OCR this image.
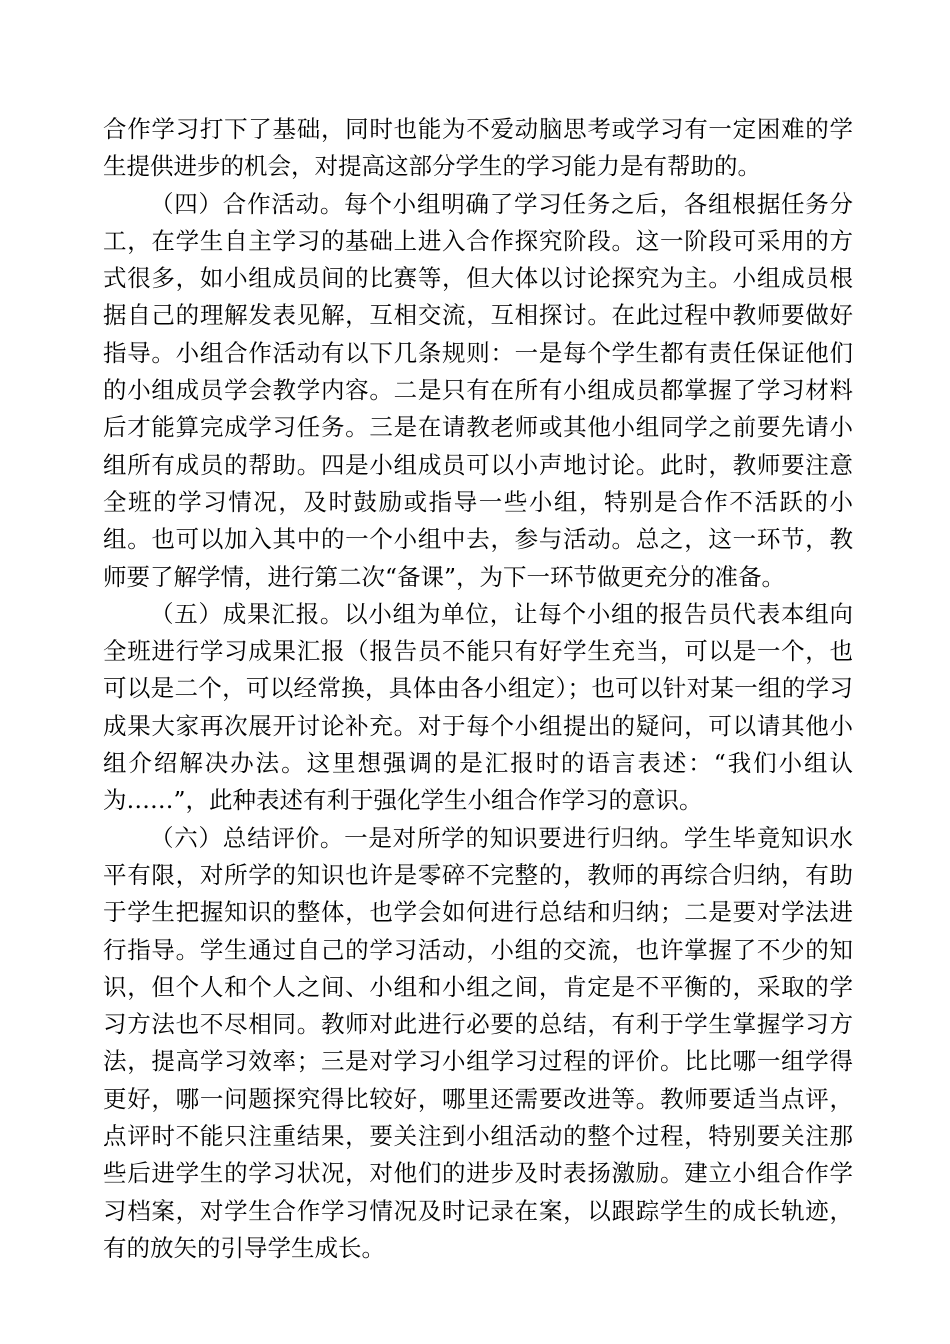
合作学习打下了基础，同时也能为不爱动脑思考或学习有一定困难的学生提供进步的机会，对提高这部分学生的学习能力是有帮助的。

（四）合作活动。每个小组明确了学习任务之后，各组根据任务分工，在学生自主学习的基础上进入合作探究阶段。这一阶段可采用的方式很多，如小组成员间的比赛等，但大体以讨论探究为主。小组成员根据自己的理解发表见解，互相交流，互相探讨。在此过程中教师要做好指导。小组合作活动有以下几条规则：一是每个学生都有责任保证他们的小组成员学会教学内容。二是只有在所有小组成员都掌握了学习材料后才能算完成学习任务。三是在请教老师或其他小组同学之前要先请小组所有成员的帮助。四是小组成员可以小声地讨论。此时，教师要注意全班的学习情况，及时鼓励或指导一些小组，特别是合作不活跃的小组。也可以加入其中的一个小组中去，参与活动。总之，这一环节，教师要了解学情，进行第二次“备课”，为下一环节做更充分的准备。

（五）成果汇报。以小组为单位，让每个小组的报告员代表本组向全班进行学习成果汇报（报告员不能只有好学生充当，可以是一个，也可以是二个，可以经常换，具体由各小组定）；也可以针对某一组的学习成果大家再次展开讨论补充。对于每个小组提出的疑问，可以请其他小组介绍解决办法。这里想强调的是汇报时的语言表述：“我们小组认为……”，此种表述有利于强化学生小组合作学习的意识。

（六）总结评价。一是对所学的知识要进行归纳。学生毕竟知识水平有限，对所学的知识也许是零碎不完整的，教师的再综合归纳，有助于学生把握知识的整体，也学会如何进行总结和归纳；二是要对学法进行指导。学生通过自己的学习活动，小组的交流，也许掌握了不少的知识，但个人和个人之间、小组和小组之间，肯定是不平衡的，采取的学习方法也不尽相同。教师对此进行必要的总结，有利于学生掌握学习方法，提高学习效率；三是对学习小组学习过程的评价。比比哪一组学得更好，哪一问题探究得比较好，哪里还需要改进等。教师要适当点评，点评时不能只注重结果，要关注到小组活动的整个过程，特别要关注那些后进学生的学习状况，对他们的进步及时表扬激励。建立小组合作学习档案，对学生合作学习情况及时记录在案，以跟踪学生的成长轨迹，有的放矢的引导学生成长。
